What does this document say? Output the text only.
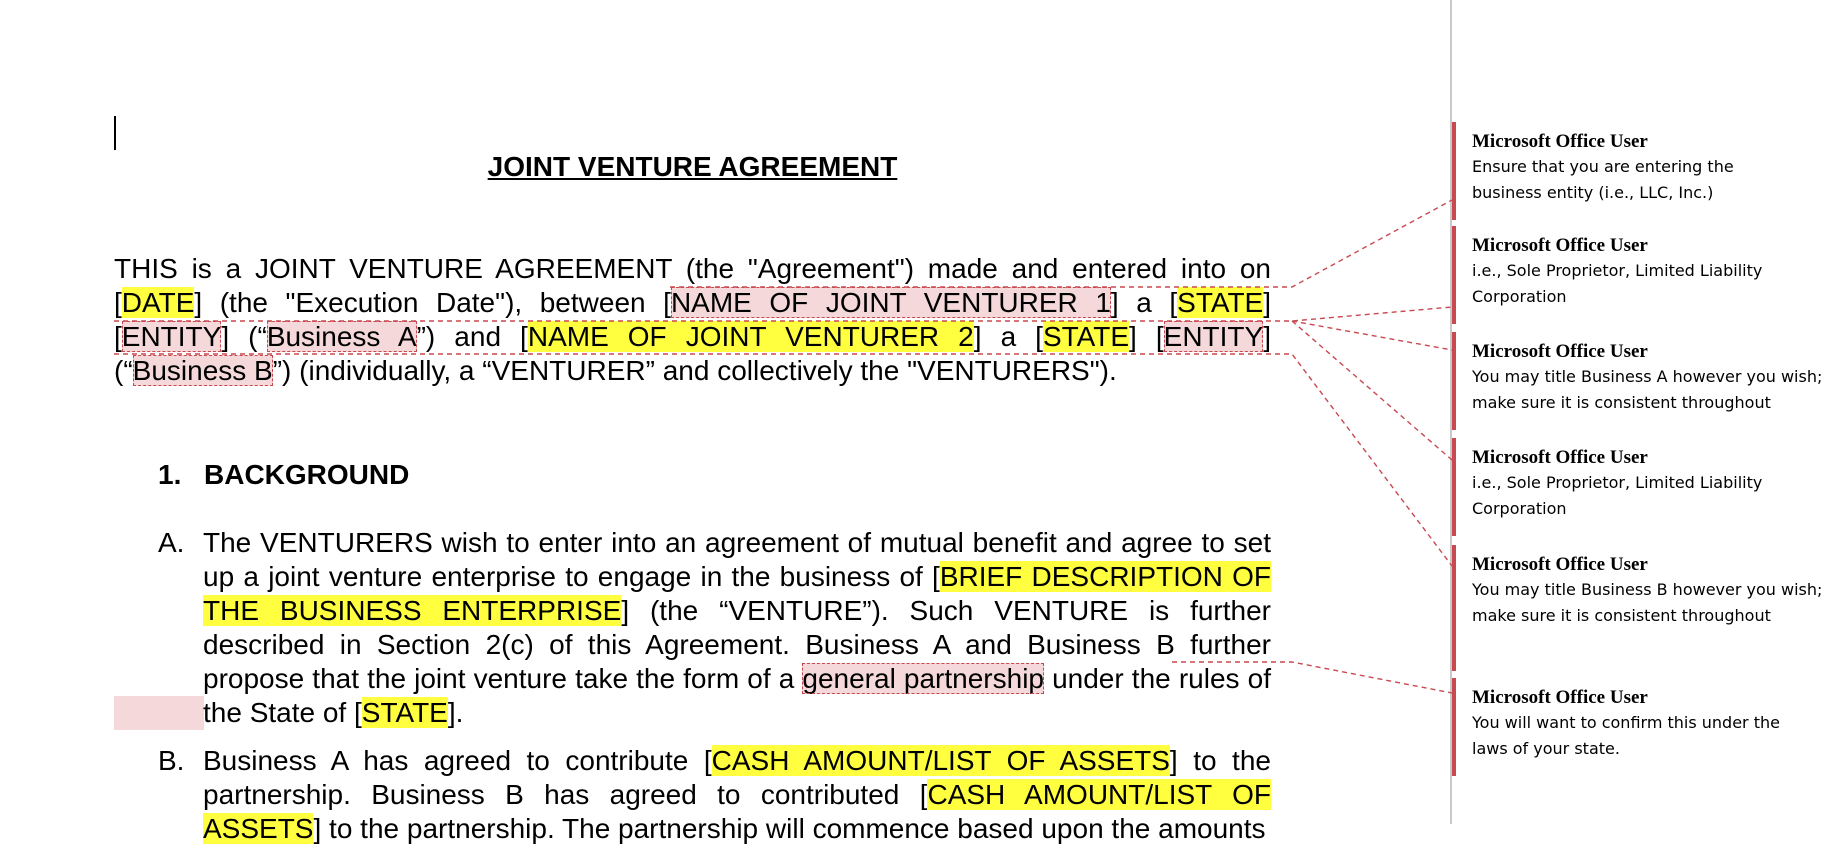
JOINT VENTURE AGREEMENT

THIS is a JOINT VENTURE AGREEMENT (the "Agreement") made and entered into on [DATE] (the "Execution Date"), between [NAME OF JOINT VENTURER 1] a [STATE] [ENTITY] (“Business A”) and [NAME OF JOINT VENTURER 2] a [STATE] [ENTITY] (“Business B”) (individually, a “VENTURER” and collectively the "VENTURERS").

1. BACKGROUND
A. The VENTURERS wish to enter into an agreement of mutual benefit and agree to set up a joint venture enterprise to engage in the business of [BRIEF DESCRIPTION OF THE BUSINESS ENTERPRISE] (the “VENTURE”). Such VENTURE is further described in Section 2(c) of this Agreement. Business A and Business B further propose that the joint venture take the form of a general partnership under the rules of the State of [STATE].
B. Business A has agreed to contribute [CASH AMOUNT/LIST OF ASSETS] to the partnership. Business B has agreed to contributed [CASH AMOUNT/LIST OF ASSETS] to the partnership. The partnership will commence based upon the amounts
Microsoft Office User
Ensure that you are entering the
business entity (i.e., LLC, Inc.)
Microsoft Office User
i.e., Sole Proprietor, Limited Liability
Corporation
Microsoft Office User
You may title Business A however you wish;
make sure it is consistent throughout
Microsoft Office User
i.e., Sole Proprietor, Limited Liability
Corporation
Microsoft Office User
You may title Business B however you wish;
make sure it is consistent throughout
Microsoft Office User
You will want to confirm this under the
laws of your state.
